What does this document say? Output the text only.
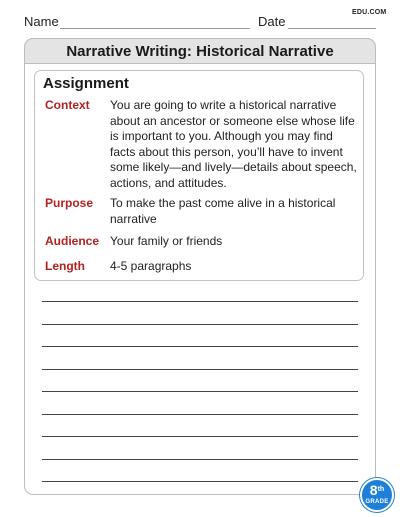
Name	Date
EDU.COM
Narrative Writing: Historical Narrative
Assignment
Context You are going to write a historical narrative about an ancestor or someone else whose life is important to you. Although you may find facts about this person, you’ll have to invent some likely—and lively—details about speech, actions, and attitudes.
Purpose To make the past come alive in a historical narrative
Audience Your family or friends
Length 4-5 paragraphs
8th
GRADE
